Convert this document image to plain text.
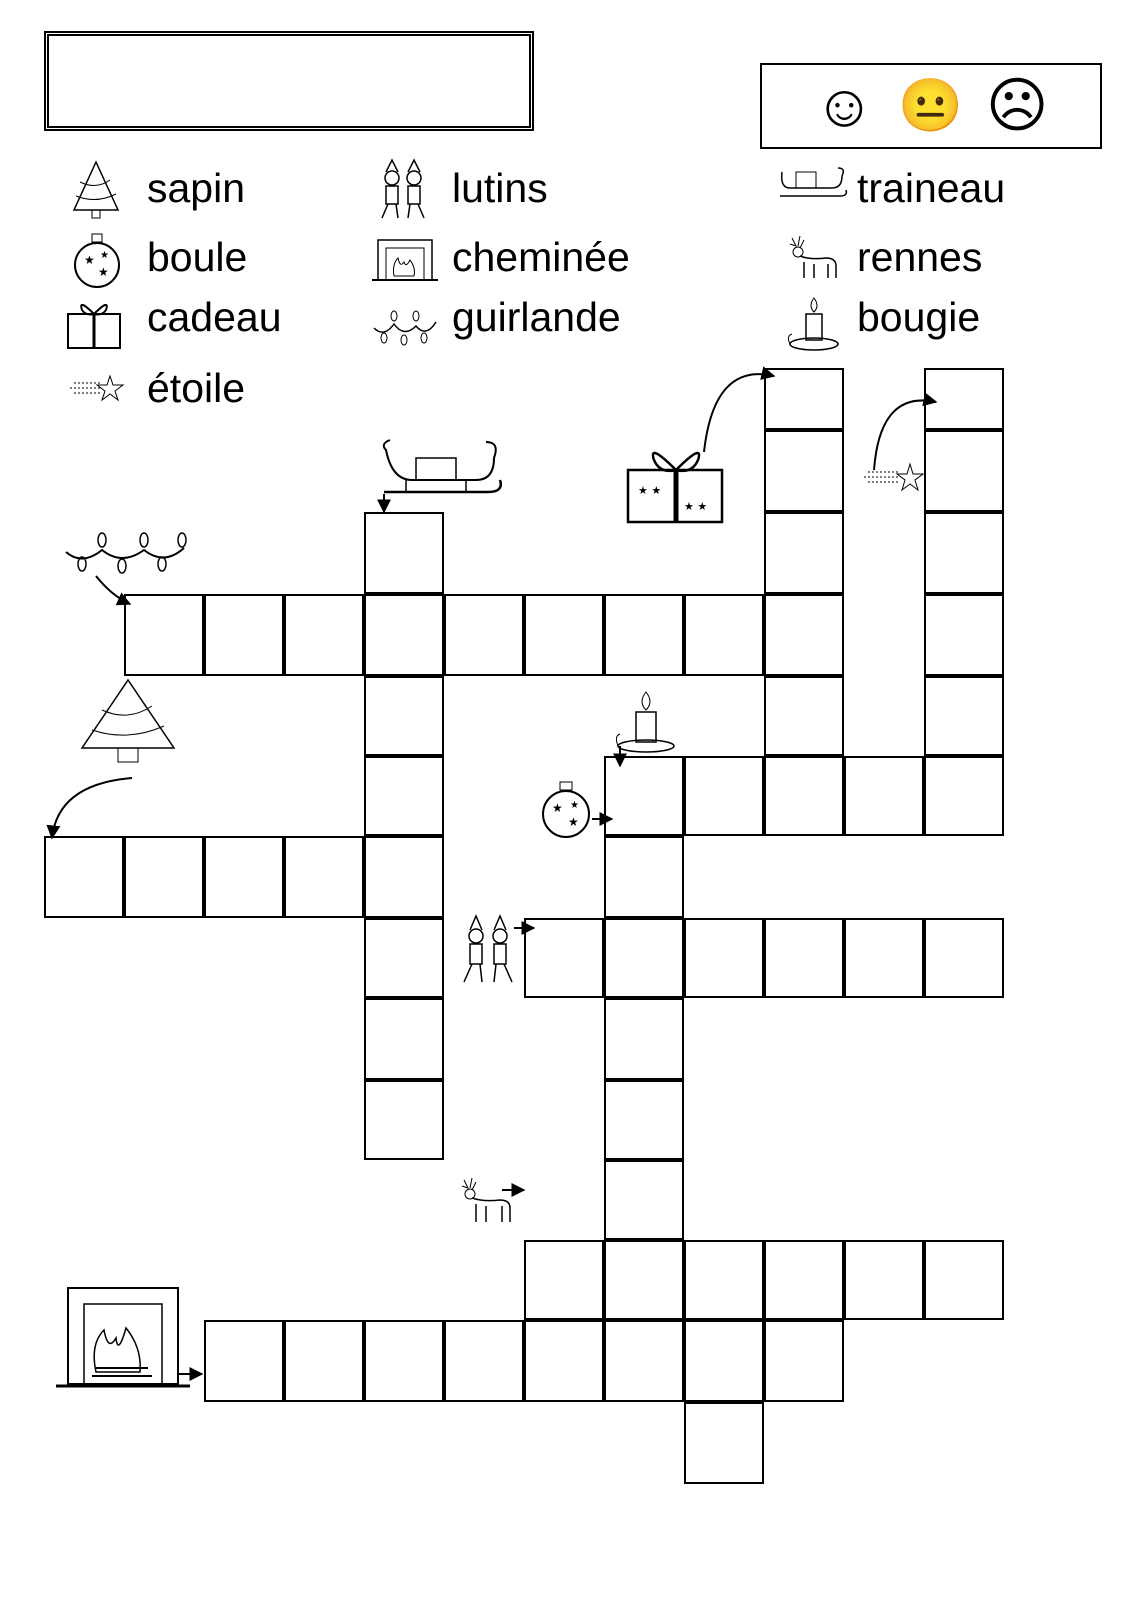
☺ 😐 ☹
sapin
boule
cadeau
étoile
lutins
cheminée
guirlande
traineau
rennes
bougie
★
★
★
★ ★
★ ★
★
★
★
